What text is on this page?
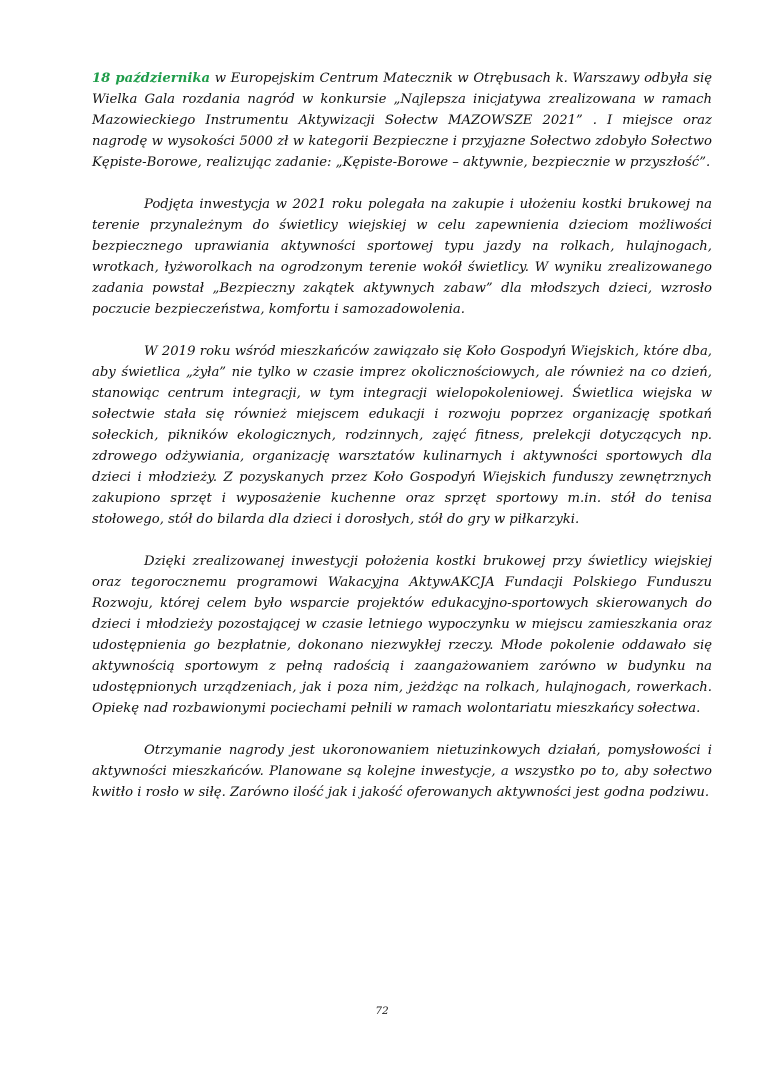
18 października w Europejskim Centrum Matecznik w Otrębusach k. Warszawy odbyła się Wielka Gala rozdania nagród w konkursie „Najlepsza inicjatywa zrealizowana w ramach Mazowieckiego Instrumentu Aktywizacji Sołectw MAZOWSZE 2021” . I miejsce oraz nagrodę w wysokości 5000 zł w kategorii Bezpieczne i przyjazne Sołectwo zdobyło Sołectwo Kępiste-Borowe, realizując zadanie: „Kępiste-Borowe – aktywnie, bezpiecznie w przyszłość”.

Podjęta inwestycja w 2021 roku polegała na zakupie i ułożeniu kostki brukowej na terenie przynależnym do świetlicy wiejskiej w celu zapewnienia dzieciom możliwości bezpiecznego uprawiania aktywności sportowej typu jazdy na rolkach, hulajnogach, wrotkach, łyżworolkach na ogrodzonym terenie wokół świetlicy. W wyniku zrealizowanego zadania powstał „Bezpieczny zakątek aktywnych zabaw” dla młodszych dzieci, wzrosło poczucie bezpieczeństwa, komfortu i samozadowolenia.

W 2019 roku wśród mieszkańców zawiązało się Koło Gospodyń Wiejskich, które dba, aby świetlica „żyła” nie tylko w czasie imprez okolicznościowych, ale również na co dzień, stanowiąc centrum integracji, w tym integracji wielopokoleniowej. Świetlica wiejska w sołectwie stała się również miejscem edukacji i rozwoju poprzez organizację spotkań sołeckich, pikników ekologicznych, rodzinnych, zajęć fitness, prelekcji dotyczących np. zdrowego odżywiania, organizację warsztatów kulinarnych i aktywności sportowych dla dzieci i młodzieży. Z pozyskanych przez Koło Gospodyń Wiejskich funduszy zewnętrznych zakupiono sprzęt i wyposażenie kuchenne oraz sprzęt sportowy m.in. stół do tenisa stołowego, stół do bilarda dla dzieci i dorosłych, stół do gry w piłkarzyki.

Dzięki zrealizowanej inwestycji położenia kostki brukowej przy świetlicy wiejskiej oraz tegorocznemu programowi Wakacyjna AktywAKCJA Fundacji Polskiego Funduszu Rozwoju, której celem było wsparcie projektów edukacyjno-sportowych skierowanych do dzieci i młodzieży pozostającej w czasie letniego wypoczynku w miejscu zamieszkania oraz udostępnienia go bezpłatnie, dokonano niezwykłej rzeczy. Młode pokolenie oddawało się aktywnością sportowym z pełną radością i zaangażowaniem zarówno w budynku na udostępnionych urządzeniach, jak i poza nim, jeżdżąc na rolkach, hulajnogach, rowerkach. Opiekę nad rozbawionymi pociechami pełnili w ramach wolontariatu mieszkańcy sołectwa.

Otrzymanie nagrody jest ukoronowaniem nietuzinkowych działań, pomysłowości i aktywności mieszkańców. Planowane są kolejne inwestycje, a wszystko po to, aby sołectwo kwitło i rosło w siłę. Zarówno ilość jak i jakość oferowanych aktywności jest godna podziwu.

72
